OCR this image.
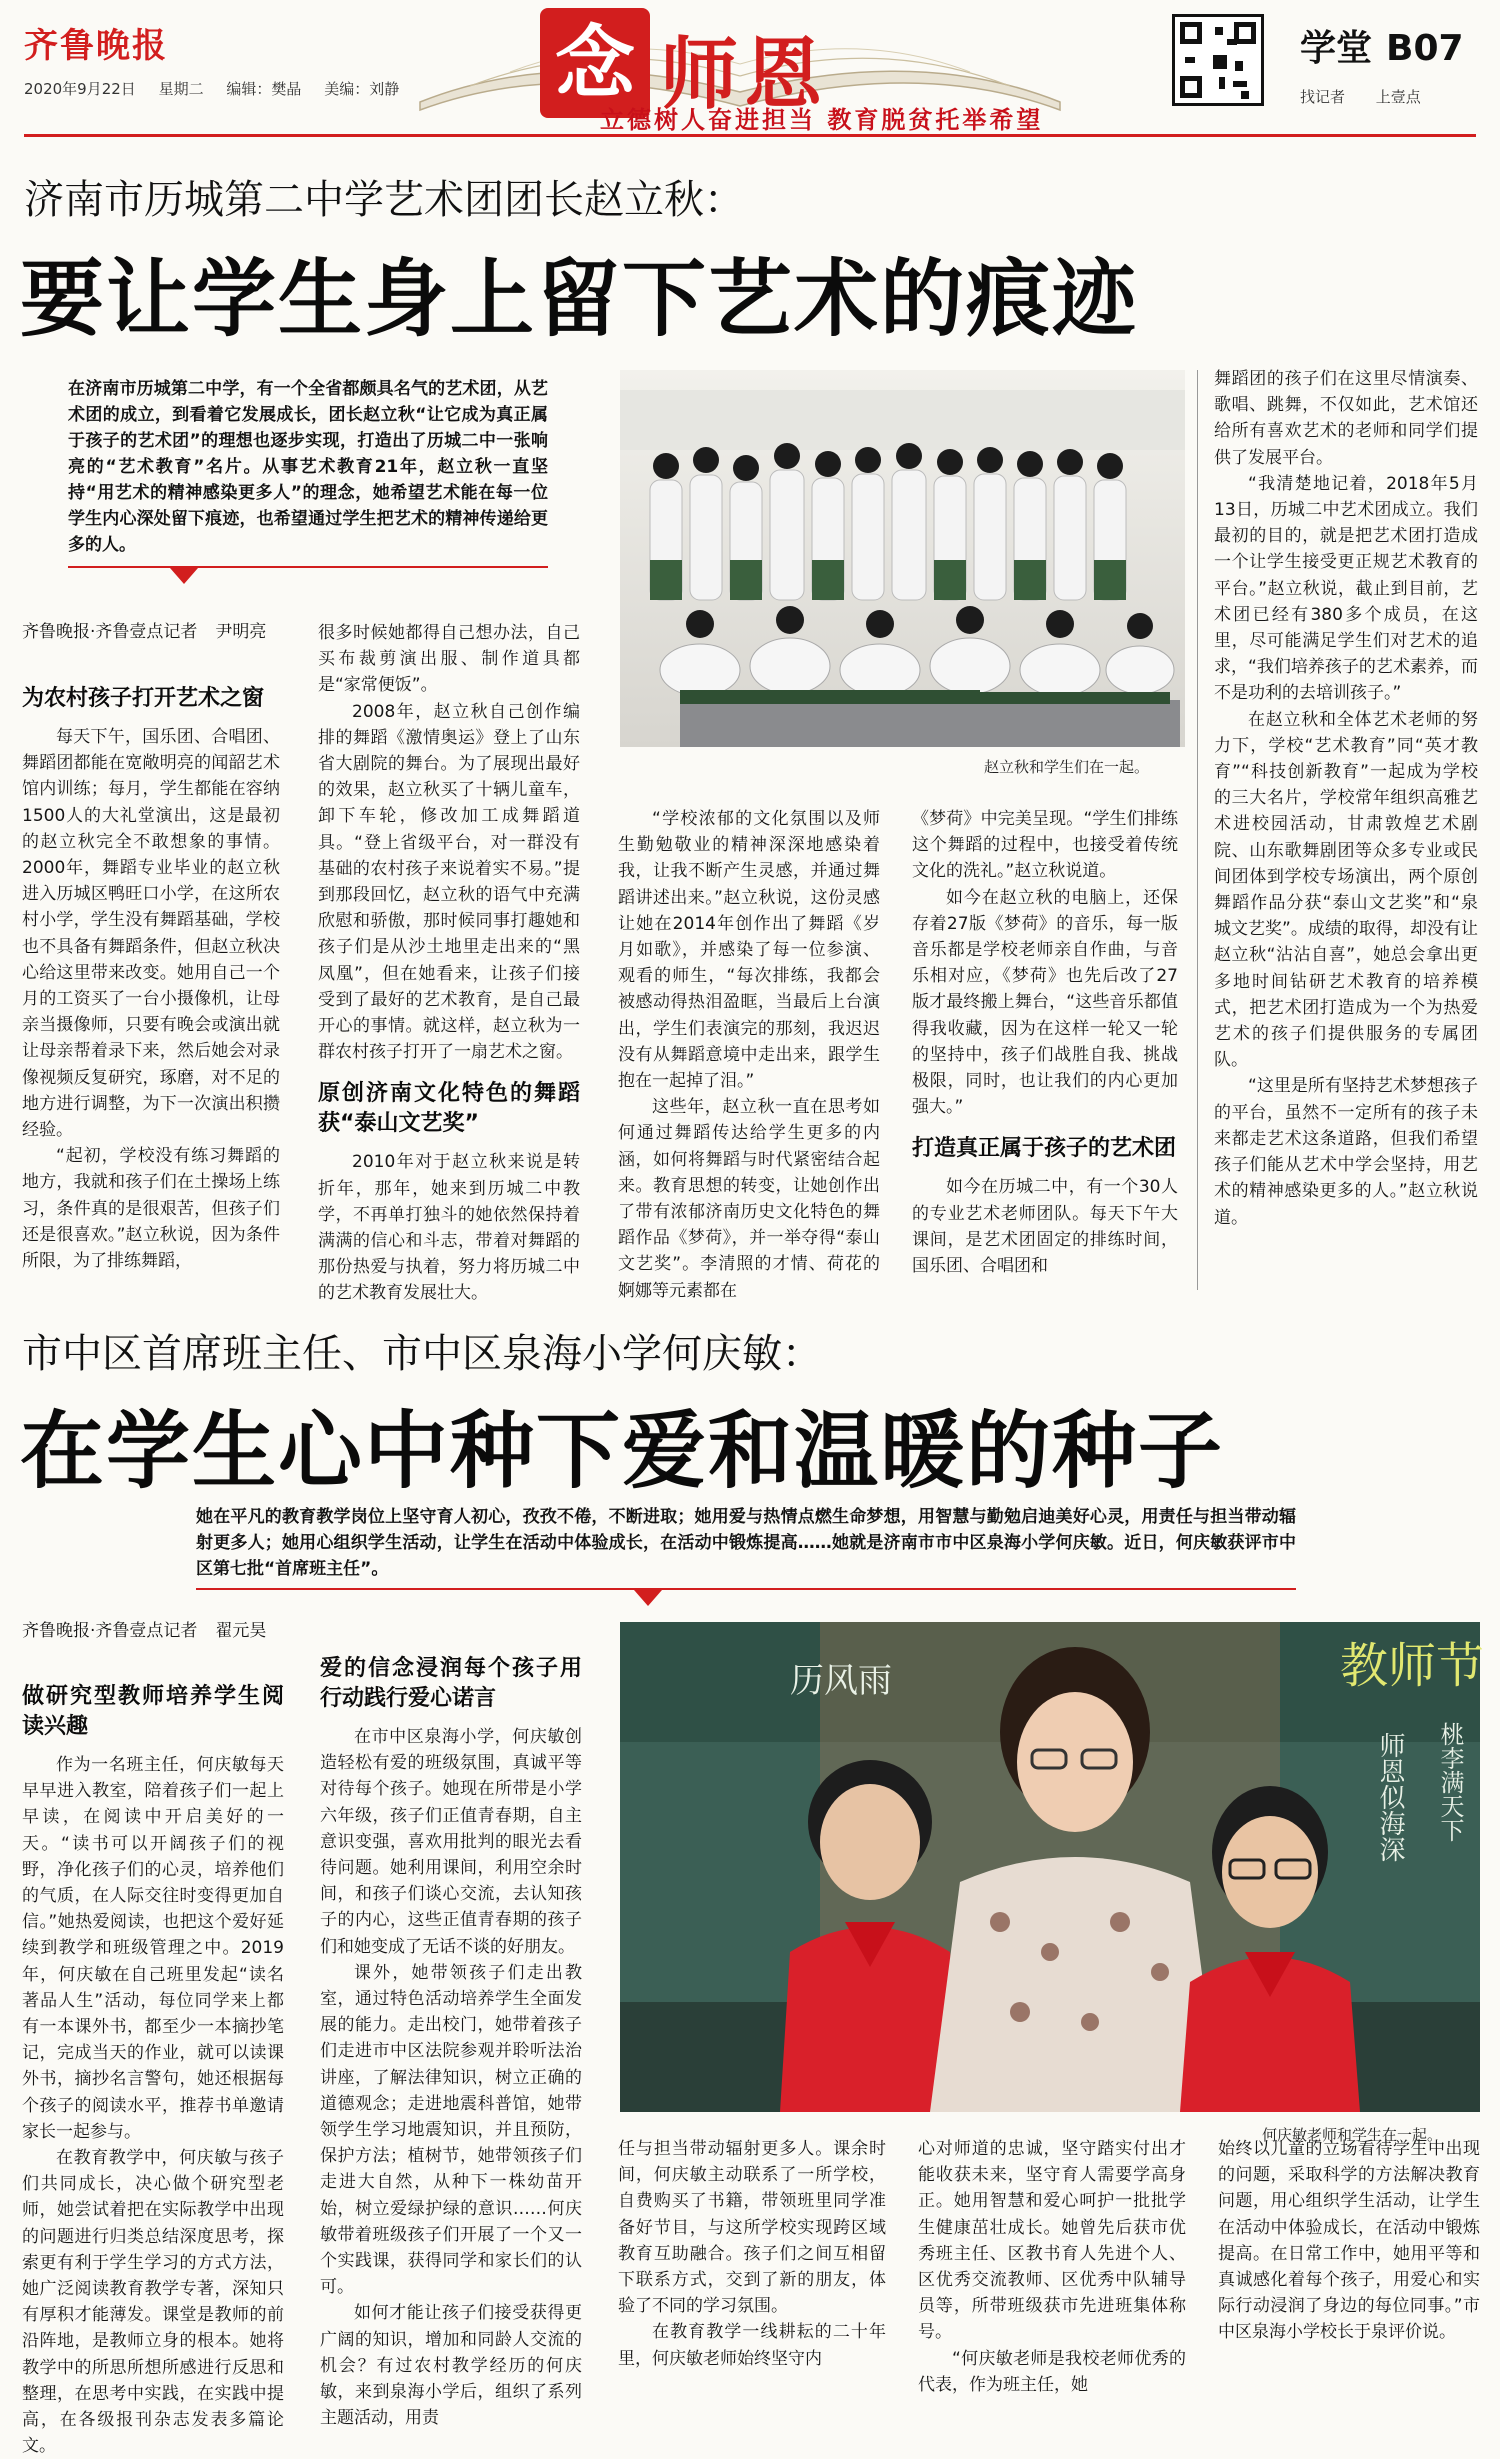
齐鲁晚报
2020年9月22日 星期二 编辑：樊晶 美编：刘静 念 师恩
立德树人奋进担当 教育脱贫托举希望
学堂 B07
找记者 上壹点
济南市历城第二中学艺术团团长赵立秋：
要让学生身上留下艺术的痕迹
在济南市历城第二中学，有一个全省都颇具名气的艺术团，从艺术团的成立，到看着它发展成长，团长赵立秋“让它成为真正属于孩子的艺术团”的理想也逐步实现，打造出了历城二中一张响亮的“艺术教育”名片。从事艺术教育21年，赵立秋一直坚持“用艺术的精神感染更多人”的理念，她希望艺术能在每一位学生内心深处留下痕迹，也希望通过学生把艺术的精神传递给更多的人。
齐鲁晚报·齐鲁壹点记者 尹明亮
赵立秋和学生们在一起。
为农村孩子打开艺术之窗

每天下午，国乐团、合唱团、舞蹈团都能在宽敞明亮的闻韶艺术馆内训练；每月，学生都能在容纳1500人的大礼堂演出，这是最初的赵立秋完全不敢想象的事情。2000年，舞蹈专业毕业的赵立秋进入历城区鸭旺口小学，在这所农村小学，学生没有舞蹈基础，学校也不具备有舞蹈条件，但赵立秋决心给这里带来改变。她用自己一个月的工资买了一台小摄像机，让母亲当摄像师，只要有晚会或演出就让母亲帮着录下来，然后她会对录像视频反复研究，琢磨，对不足的地方进行调整，为下一次演出积攒经验。

“起初，学校没有练习舞蹈的地方，我就和孩子们在土操场上练习，条件真的是很艰苦，但孩子们还是很喜欢。”赵立秋说，因为条件所限，为了排练舞蹈，

很多时候她都得自己想办法，自己买布裁剪演出服、制作道具都是“家常便饭”。

2008年，赵立秋自己创作编排的舞蹈《激情奥运》登上了山东省大剧院的舞台。为了展现出最好的效果，赵立秋买了十辆儿童车，卸下车轮，修改加工成舞蹈道具。“登上省级平台，对一群没有基础的农村孩子来说着实不易。”提到那段回忆，赵立秋的语气中充满欣慰和骄傲，那时候同事打趣她和孩子们是从沙土地里走出来的“黑凤凰”，但在她看来，让孩子们接受到了最好的艺术教育，是自己最开心的事情。就这样，赵立秋为一群农村孩子打开了一扇艺术之窗。

原创济南文化特色的舞蹈获“泰山文艺奖”

2010年对于赵立秋来说是转折年，那年，她来到历城二中教学，不再单打独斗的她依然保持着满满的信心和斗志，带着对舞蹈的那份热爱与执着，努力将历城二中的艺术教育发展壮大。

“学校浓郁的文化氛围以及师生勤勉敬业的精神深深地感染着我，让我不断产生灵感，并通过舞蹈讲述出来。”赵立秋说，这份灵感让她在2014年创作出了舞蹈《岁月如歌》，并感染了每一位参演、观看的师生，“每次排练，我都会被感动得热泪盈眶，当最后上台演出，学生们表演完的那刻，我迟迟没有从舞蹈意境中走出来，跟学生抱在一起掉了泪。”

这些年，赵立秋一直在思考如何通过舞蹈传达给学生更多的内涵，如何将舞蹈与时代紧密结合起来。教育思想的转变，让她创作出了带有浓郁济南历史文化特色的舞蹈作品《梦荷》，并一举夺得“泰山文艺奖”。李清照的才情、荷花的婀娜等元素都在

《梦荷》中完美呈现。“学生们排练这个舞蹈的过程中，也接受着传统文化的洗礼。”赵立秋说道。

如今在赵立秋的电脑上，还保存着27版《梦荷》的音乐，每一版音乐都是学校老师亲自作曲，与音乐相对应，《梦荷》也先后改了27版才最终搬上舞台，“这些音乐都值得我收藏，因为在这样一轮又一轮的坚持中，孩子们战胜自我、挑战极限，同时，也让我们的内心更加强大。”

打造真正属于孩子的艺术团

如今在历城二中，有一个30人的专业艺术老师团队。每天下午大课间，是艺术团固定的排练时间，国乐团、合唱团和

舞蹈团的孩子们在这里尽情演奏、歌唱、跳舞，不仅如此，艺术馆还给所有喜欢艺术的老师和同学们提供了发展平台。

“我清楚地记着，2018年5月13日，历城二中艺术团成立。我们最初的目的，就是把艺术团打造成一个让学生接受更正规艺术教育的平台。”赵立秋说，截止到目前，艺术团已经有380多个成员，在这里，尽可能满足学生们对艺术的追求，“我们培养孩子的艺术素养，而不是功利的去培训孩子。”

在赵立秋和全体艺术老师的努力下，学校“艺术教育”同“英才教育”“科技创新教育”一起成为学校的三大名片，学校常年组织高雅艺术进校园活动，甘肃敦煌艺术剧院、山东歌舞剧团等众多专业或民间团体到学校专场演出，两个原创舞蹈作品分获“泰山文艺奖”和“泉城文艺奖”。成绩的取得，却没有让赵立秋“沾沾自喜”，她总会拿出更多地时间钻研艺术教育的培养模式，把艺术团打造成为一个为热爱艺术的孩子们提供服务的专属团队。

“这里是所有坚持艺术梦想孩子的平台，虽然不一定所有的孩子未来都走艺术这条道路，但我们希望孩子们能从艺术中学会坚持，用艺术的精神感染更多的人。”赵立秋说道。

市中区首席班主任、市中区泉海小学何庆敏：
在学生心中种下爱和温暖的种子
她在平凡的教育教学岗位上坚守育人初心，孜孜不倦，不断进取；她用爱与热情点燃生命梦想，用智慧与勤勉启迪美好心灵，用责任与担当带动辐射更多人；她用心组织学生活动，让学生在活动中体验成长，在活动中锻炼提高……她就是济南市市中区泉海小学何庆敏。近日，何庆敏获评市中区第七批“首席班主任”。
齐鲁晚报·齐鲁壹点记者 翟元昊
历风雨	教师节
桃李满天下
师恩似海深
何庆敏老师和学生在一起。
做研究型教师培养学生阅读兴趣

作为一名班主任，何庆敏每天早早进入教室，陪着孩子们一起上早读，在阅读中开启美好的一天。“读书可以开阔孩子们的视野，净化孩子们的心灵，培养他们的气质，在人际交往时变得更加自信。”她热爱阅读，也把这个爱好延续到教学和班级管理之中。2019年，何庆敏在自己班里发起“读名著品人生”活动，每位同学来上都有一本课外书，都至少一本摘抄笔记，完成当天的作业，就可以读课外书，摘抄名言警句，她还根据每个孩子的阅读水平，推荐书单邀请家长一起参与。

在教育教学中，何庆敏与孩子们共同成长，决心做个研究型老师，她尝试着把在实际教学中出现的问题进行归类总结深度思考，探索更有利于学生学习的方式方法，她广泛阅读教育教学专著，深知只有厚积才能薄发。课堂是教师的前沿阵地，是教师立身的根本。她将教学中的所思所想所感进行反思和整理，在思考中实践，在实践中提高，在各级报刊杂志发表多篇论文。

爱的信念浸润每个孩子用行动践行爱心诺言

在市中区泉海小学，何庆敏创造轻松有爱的班级氛围，真诚平等对待每个孩子。她现在所带是小学六年级，孩子们正值青春期，自主意识变强，喜欢用批判的眼光去看待问题。她利用课间，利用空余时间，和孩子们谈心交流，去认知孩子的内心，这些正值青春期的孩子们和她变成了无话不谈的好朋友。

课外，她带领孩子们走出教室，通过特色活动培养学生全面发展的能力。走出校门，她带着孩子们走进市中区法院参观并聆听法治讲座，了解法律知识，树立正确的道德观念；走进地震科普馆，她带领学生学习地震知识，并且预防，保护方法；植树节，她带领孩子们走进大自然，从种下一株幼苗开始，树立爱绿护绿的意识……何庆敏带着班级孩子们开展了一个又一个实践课，获得同学和家长们的认可。

如何才能让孩子们接受获得更广阔的知识，增加和同龄人交流的机会？有过农村教学经历的何庆敏，来到泉海小学后，组织了系列主题活动，用责

任与担当带动辐射更多人。课余时间，何庆敏主动联系了一所学校，自费购买了书籍，带领班里同学准备好节目，与这所学校实现跨区域教育互助融合。孩子们之间互相留下联系方式，交到了新的朋友，体验了不同的学习氛围。

在教育教学一线耕耘的二十年里，何庆敏老师始终坚守内

心对师道的忠诚，坚守踏实付出才能收获未来，坚守育人需要学高身正。她用智慧和爱心呵护一批批学生健康茁壮成长。她曾先后获市优秀班主任、区教书育人先进个人、区优秀交流教师、区优秀中队辅导员等，所带班级获市先进班集体称号。

“何庆敏老师是我校老师优秀的代表，作为班主任，她

始终以儿童的立场看待学生中出现的问题，采取科学的方法解决教育问题，用心组织学生活动，让学生在活动中体验成长，在活动中锻炼提高。在日常工作中，她用平等和真诚感化着每个孩子，用爱心和实际行动浸润了身边的每位同事。”市中区泉海小学校长于泉评价说。
